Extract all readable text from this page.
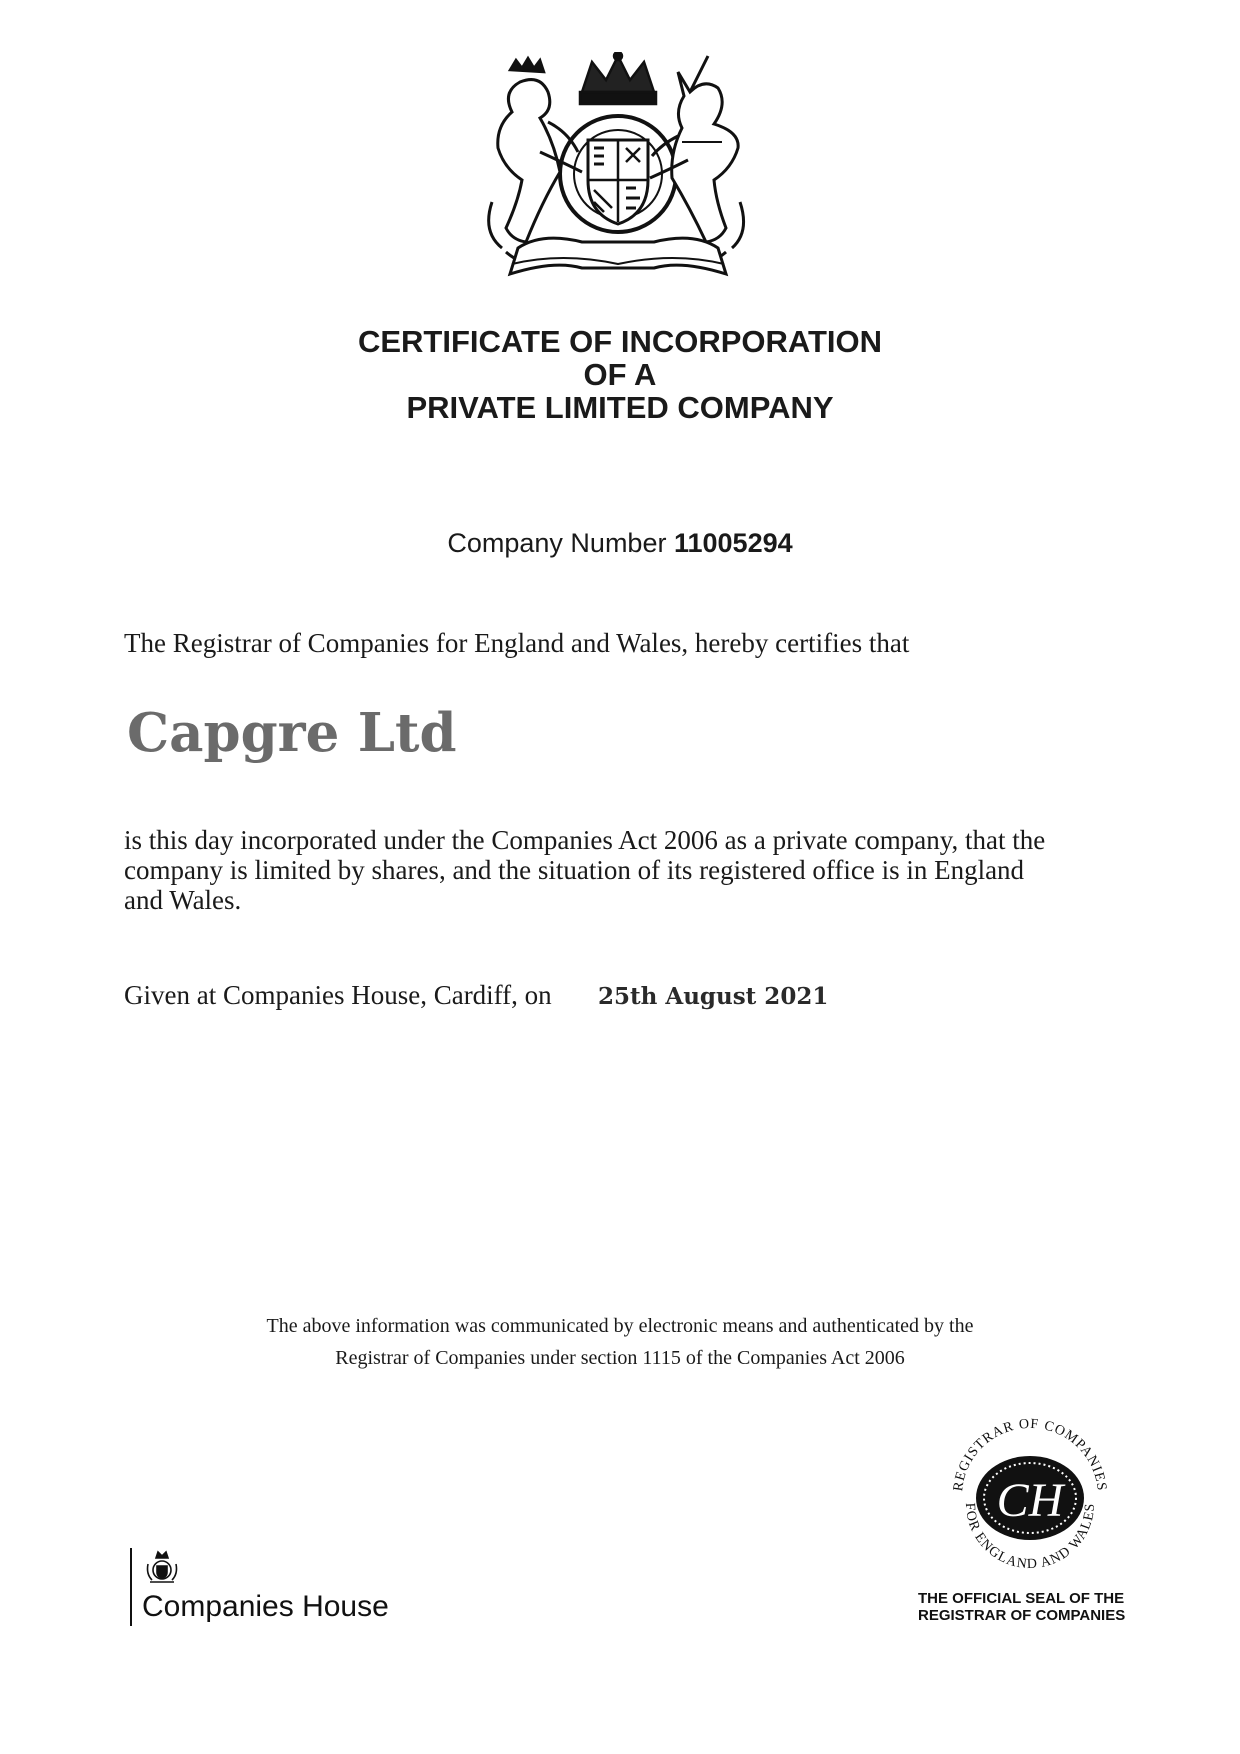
CERTIFICATE OF INCORPORATION
OF A
PRIVATE LIMITED COMPANY
Company Number 11005294
The Registrar of Companies for England and Wales, hereby certifies that
Capgre Ltd
is this day incorporated under the Companies Act 2006 as a private company, that the
company is limited by shares, and the situation of its registered office is in England
and Wales.
Given at Companies House, Cardiff, on 25th August 2021
The above information was communicated by electronic means and authenticated by the
Registrar of Companies under section 1115 of the Companies Act 2006
REGISTRAR OF COMPANIES
FOR ENGLAND AND WALES
CH
THE OFFICIAL SEAL OF THE
REGISTRAR OF COMPANIES
Companies House
